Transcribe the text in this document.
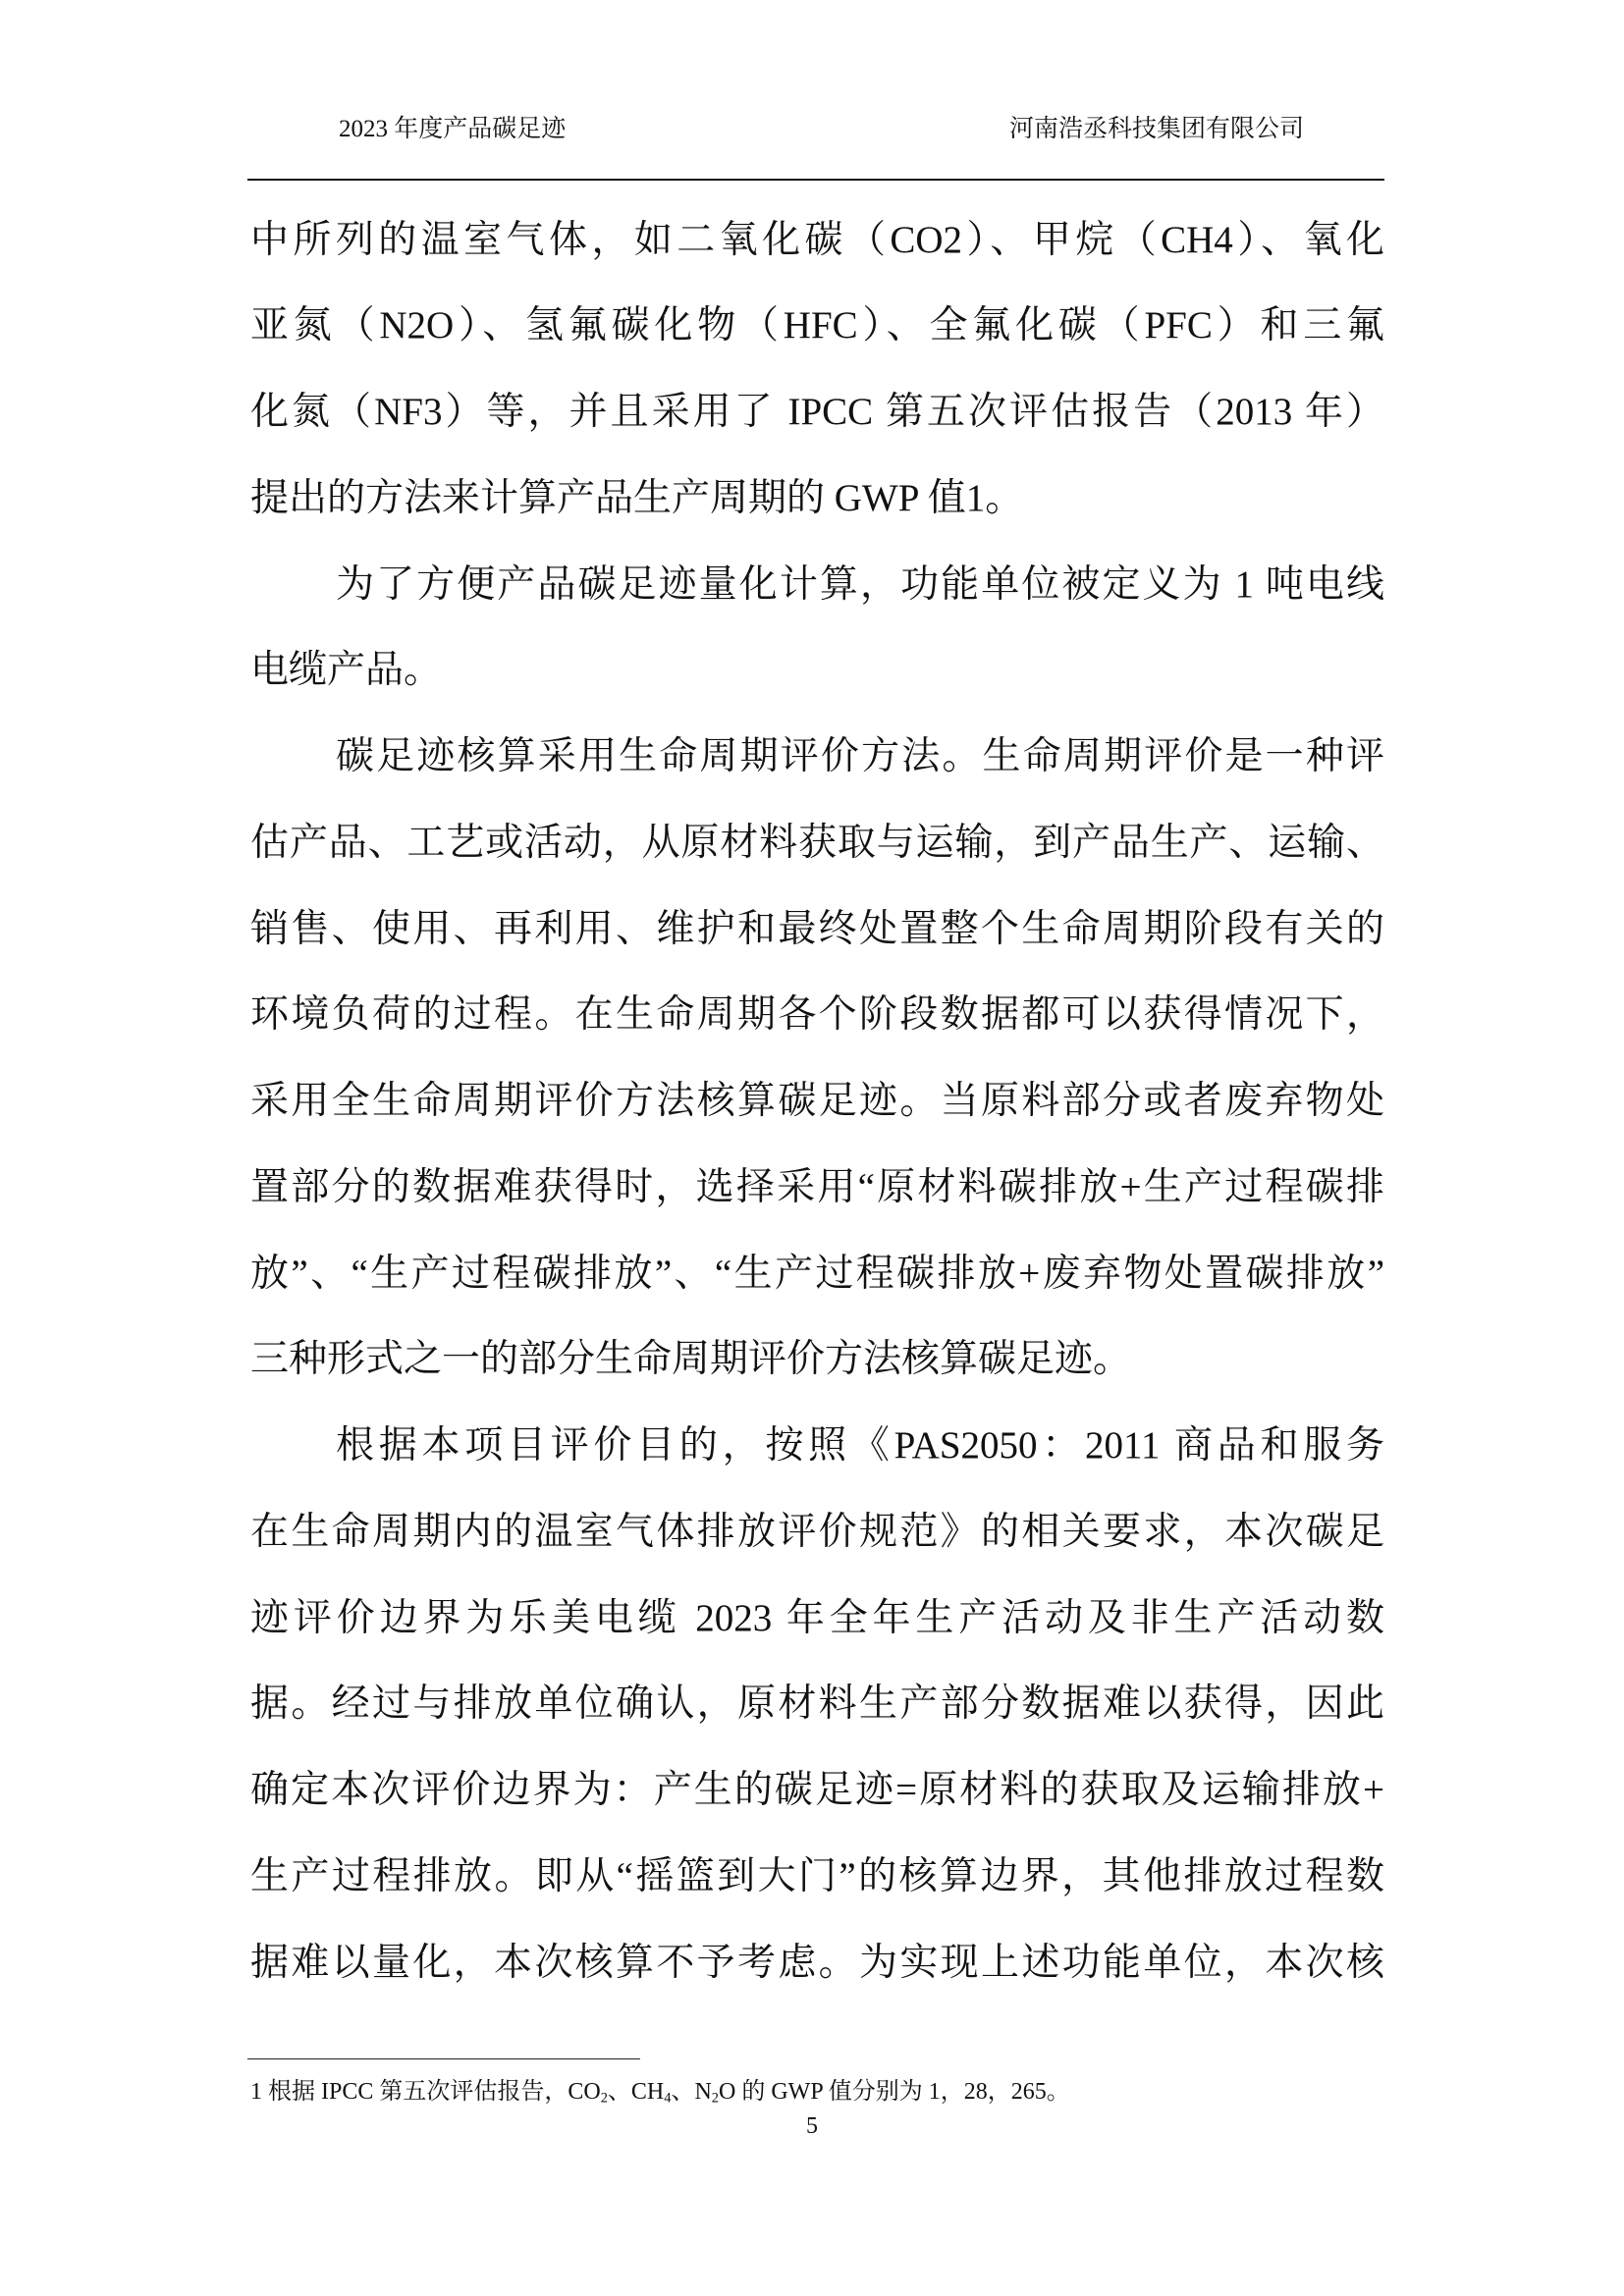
2023 年度产品碳足迹	河南浩丞科技集团有限公司
中所列的温室气体，如二氧化碳（CO2）、甲烷（CH4）、氧化
亚氮（N2O）、氢氟碳化物（HFC）、全氟化碳（PFC）和三氟
化氮（NF3）等，并且采用了 IPCC 第五次评估报告（2013 年）
提出的方法来计算产品生产周期的 GWP 值1。
为了方便产品碳足迹量化计算，功能单位被定义为 1 吨电线
电缆产品。
碳足迹核算采用生命周期评价方法。生命周期评价是一种评
估产品、工艺或活动，从原材料获取与运输，到产品生产、运输、
销售、使用、再利用、维护和最终处置整个生命周期阶段有关的
环境负荷的过程。在生命周期各个阶段数据都可以获得情况下，
采用全生命周期评价方法核算碳足迹。当原料部分或者废弃物处
置部分的数据难获得时，选择采用“原材料碳排放+生产过程碳排
放”、“生产过程碳排放”、“生产过程碳排放+废弃物处置碳排放”
三种形式之一的部分生命周期评价方法核算碳足迹。
根据本项目评价目的，按照《PAS2050：2011 商品和服务
在生命周期内的温室气体排放评价规范》的相关要求，本次碳足
迹评价边界为乐美电缆 2023 年全年生产活动及非生产活动数
据。经过与排放单位确认，原材料生产部分数据难以获得，因此
确定本次评价边界为：产生的碳足迹=原材料的获取及运输排放+
生产过程排放。即从“摇篮到大门”的核算边界，其他排放过程数
据难以量化，本次核算不予考虑。为实现上述功能单位，本次核
1 根据 IPCC 第五次评估报告，$CO_2$、$CH_4$、$N_2O$ 的 GWP 值分别为 1，28，265。
5
